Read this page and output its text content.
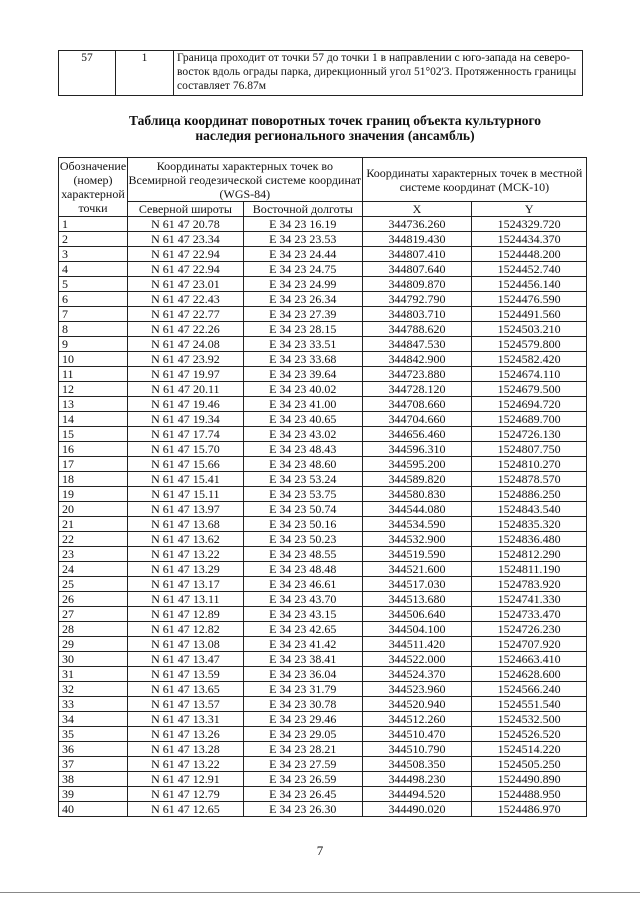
57	1	Граница проходит от точки 57 до точки 1 в направлении с юго-запада на северо-восток вдоль ограды парка, дирекционный угол 51°02'3. Протяженность границы составляет 76.87м
Таблица координат поворотных точек границ объекта культурного наследия регионального значения (ансамбль)
Обозначение (номер) характерной точки	Координаты характерных точек во Всемирной геодезической системе координат (WGS-84)		Координаты характерных точек в местной системе координат (МСК-10)	
	Северной широты	Восточной долготы	X	Y
1	N 61 47 20.78	E 34 23 16.19	344736.260	1524329.720
2	N 61 47 23.34	E 34 23 23.53	344819.430	1524434.370
3	N 61 47 22.94	E 34 23 24.44	344807.410	1524448.200
4	N 61 47 22.94	E 34 23 24.75	344807.640	1524452.740
5	N 61 47 23.01	E 34 23 24.99	344809.870	1524456.140
6	N 61 47 22.43	E 34 23 26.34	344792.790	1524476.590
7	N 61 47 22.77	E 34 23 27.39	344803.710	1524491.560
8	N 61 47 22.26	E 34 23 28.15	344788.620	1524503.210
9	N 61 47 24.08	E 34 23 33.51	344847.530	1524579.800
10	N 61 47 23.92	E 34 23 33.68	344842.900	1524582.420
11	N 61 47 19.97	E 34 23 39.64	344723.880	1524674.110
12	N 61 47 20.11	E 34 23 40.02	344728.120	1524679.500
13	N 61 47 19.46	E 34 23 41.00	344708.660	1524694.720
14	N 61 47 19.34	E 34 23 40.65	344704.660	1524689.700
15	N 61 47 17.74	E 34 23 43.02	344656.460	1524726.130
16	N 61 47 15.70	E 34 23 48.43	344596.310	1524807.750
17	N 61 47 15.66	E 34 23 48.60	344595.200	1524810.270
18	N 61 47 15.41	E 34 23 53.24	344589.820	1524878.570
19	N 61 47 15.11	E 34 23 53.75	344580.830	1524886.250
20	N 61 47 13.97	E 34 23 50.74	344544.080	1524843.540
21	N 61 47 13.68	E 34 23 50.16	344534.590	1524835.320
22	N 61 47 13.62	E 34 23 50.23	344532.900	1524836.480
23	N 61 47 13.22	E 34 23 48.55	344519.590	1524812.290
24	N 61 47 13.29	E 34 23 48.48	344521.600	1524811.190
25	N 61 47 13.17	E 34 23 46.61	344517.030	1524783.920
26	N 61 47 13.11	E 34 23 43.70	344513.680	1524741.330
27	N 61 47 12.89	E 34 23 43.15	344506.640	1524733.470
28	N 61 47 12.82	E 34 23 42.65	344504.100	1524726.230
29	N 61 47 13.08	E 34 23 41.42	344511.420	1524707.920
30	N 61 47 13.47	E 34 23 38.41	344522.000	1524663.410
31	N 61 47 13.59	E 34 23 36.04	344524.370	1524628.600
32	N 61 47 13.65	E 34 23 31.79	344523.960	1524566.240
33	N 61 47 13.57	E 34 23 30.78	344520.940	1524551.540
34	N 61 47 13.31	E 34 23 29.46	344512.260	1524532.500
35	N 61 47 13.26	E 34 23 29.05	344510.470	1524526.520
36	N 61 47 13.28	E 34 23 28.21	344510.790	1524514.220
37	N 61 47 13.22	E 34 23 27.59	344508.350	1524505.250
38	N 61 47 12.91	E 34 23 26.59	344498.230	1524490.890
39	N 61 47 12.79	E 34 23 26.45	344494.520	1524488.950
40	N 61 47 12.65	E 34 23 26.30	344490.020	1524486.970
7
